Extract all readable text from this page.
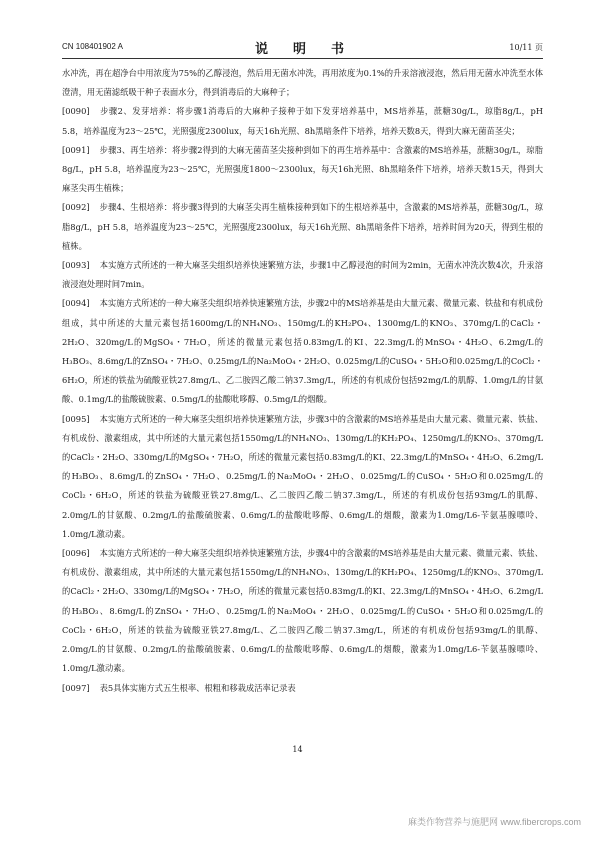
CN 108401902 A	说　明　书	10/11 页

水冲洗，再在超净台中用浓度为75%的乙醇浸泡，然后用无菌水冲洗，再用浓度为0.1%的升汞溶液浸泡，然后用无菌水冲洗至水体澄清，用无菌滤纸吸干种子表面水分，得到消毒后的大麻种子；

[0090] 步骤2、发芽培养：将步骤1消毒后的大麻种子接种于如下发芽培养基中，MS培养基，蔗糖30g/L，琼脂8g/L，pH 5.8，培养温度为23～25℃，光照强度2300lux，每天16h光照、8h黑暗条件下培养，培养天数8天，得到大麻无菌苗茎尖；

[0091] 步骤3、再生培养：将步骤2得到的大麻无菌苗茎尖接种到如下的再生培养基中：含激素的MS培养基，蔗糖30g/L，琼脂8g/L，pH 5.8，培养温度为23～25℃，光照强度1800～2300lux，每天16h光照、8h黑暗条件下培养，培养天数15天，得到大麻茎尖再生植株；

[0092] 步骤4、生根培养：将步骤3得到的大麻茎尖再生植株接种到如下的生根培养基中，含激素的MS培养基，蔗糖30g/L，琼脂8g/L，pH 5.8，培养温度为23～25℃，光照强度2300lux，每天16h光照、8h黑暗条件下培养，培养时间为20天，得到生根的植株。

[0093] 本实施方式所述的一种大麻茎尖组织培养快速繁殖方法，步骤1中乙醇浸泡的时间为2min，无菌水冲洗次数4次，升汞溶液浸泡处理时间7min。

[0094] 本实施方式所述的一种大麻茎尖组织培养快速繁殖方法，步骤2中的MS培养基是由大量元素、微量元素、铁盐和有机成份组成，其中所述的大量元素包括1600mg/L的NH₄NO₃、150mg/L的KH₂PO₄、1300mg/L的KNO₃、370mg/L的CaCl₂・2H₂O、320mg/L的MgSO₄・7H₂O，所述的微量元素包括0.83mg/L的KI、22.3mg/L的MnSO₄・4H₂O、6.2mg/L的H₃BO₃、8.6mg/L的ZnSO₄・7H₂O、0.25mg/L的Na₂MoO₄・2H₂O、0.025mg/L的CuSO₄・5H₂O和0.025mg/L的CoCl₂・6H₂O，所述的铁盐为硫酸亚铁27.8mg/L、乙二胺四乙酸二钠37.3mg/L，所述的有机成份包括92mg/L的肌醇、1.0mg/L的甘氨酸、0.1mg/L的盐酸硫胺素、0.5mg/L的盐酸吡哆醇、0.5mg/L的烟酸。

[0095] 本实施方式所述的一种大麻茎尖组织培养快速繁殖方法，步骤3中的含激素的MS培养基是由大量元素、微量元素、铁盐、有机成份、激素组成，其中所述的大量元素包括1550mg/L的NH₄NO₃、130mg/L的KH₂PO₄、1250mg/L的KNO₃、370mg/L的CaCl₂・2H₂O、330mg/L的MgSO₄・7H₂O，所述的微量元素包括0.83mg/L的KI、22.3mg/L的MnSO₄・4H₂O、6.2mg/L的H₃BO₃、8.6mg/L的ZnSO₄・7H₂O、0.25mg/L的Na₂MoO₄・2H₂O、0.025mg/L的CuSO₄・5H₂O和0.025mg/L的CoCl₂・6H₂O，所述的铁盐为硫酸亚铁27.8mg/L、乙二胺四乙酸二钠37.3mg/L，所述的有机成份包括93mg/L的肌醇、2.0mg/L的甘氨酸、0.2mg/L的盐酸硫胺素、0.6mg/L的盐酸吡哆醇、0.6mg/L的烟酸，激素为1.0mg/L6-苄氨基腺嘌呤、1.0mg/L激动素。

[0096] 本实施方式所述的一种大麻茎尖组织培养快速繁殖方法，步骤4中的含激素的MS培养基是由大量元素、微量元素、铁盐、有机成份、激素组成，其中所述的大量元素包括1550mg/L的NH₄NO₃、130mg/L的KH₂PO₄、1250mg/L的KNO₃、370mg/L的CaCl₂・2H₂O、330mg/L的MgSO₄・7H₂O，所述的微量元素包括0.83mg/L的KI、22.3mg/L的MnSO₄・4H₂O、6.2mg/L的H₃BO₃、8.6mg/L的ZnSO₄・7H₂O、0.25mg/L的Na₂MoO₄・2H₂O、0.025mg/L的CuSO₄・5H₂O和0.025mg/L的CoCl₂・6H₂O，所述的铁盐为硫酸亚铁27.8mg/L、乙二胺四乙酸二钠37.3mg/L，所述的有机成份包括93mg/L的肌醇、2.0mg/L的甘氨酸、0.2mg/L的盐酸硫胺素、0.6mg/L的盐酸吡哆醇、0.6mg/L的烟酸，激素为1.0mg/L6-苄氨基腺嘌呤、1.0mg/L激动素。

[0097] 表5具体实施方式五生根率、根粗和移栽成活率记录表

14
麻类作物营养与施肥网 www.fibercrops.com
